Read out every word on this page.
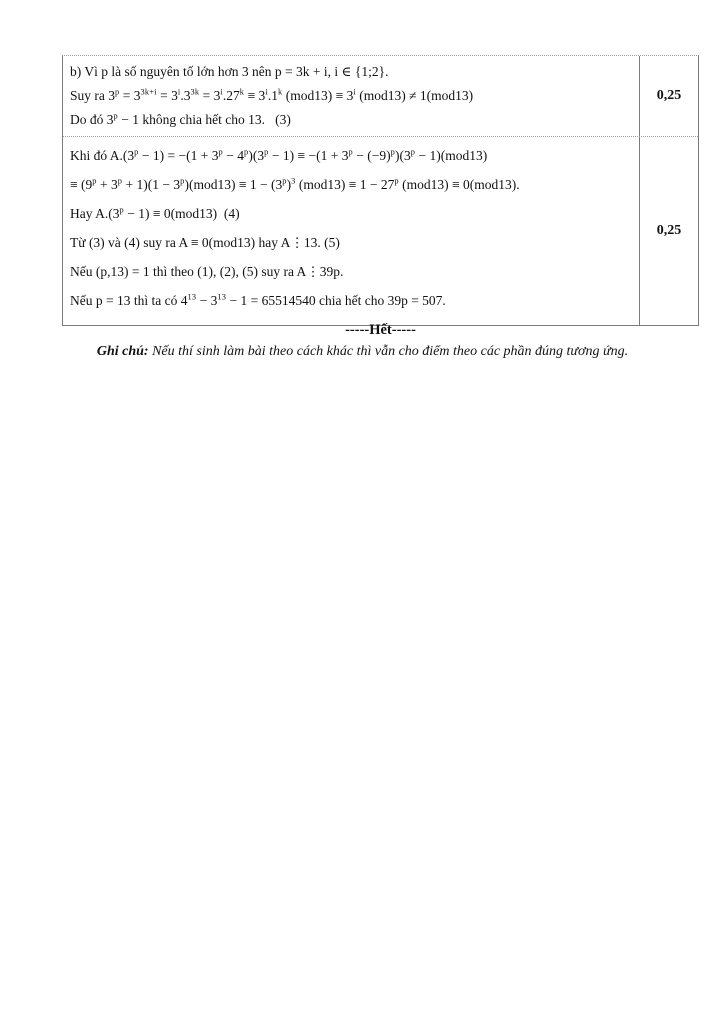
b) Vì p là số nguyên tố lớn hơn 3 nên p = 3k + i, i ∈ {1;2}.

Suy ra $3^p = 3^{3k+i} = 3^i.3^{3k} = 3^i.27^k \equiv 3^i.1^k$ $(mod13) \equiv 3^i$ (mod13) ≠ 1(mod13)

Do đó $3^p - 1$ không chia hết cho 13.   (3)

0,25

Khi đó $A.(3^p - 1) = -(1 + 3^p - 4^p)(3^p - 1) \equiv -(1 + 3^p - (-9)^p)(3^p - 1)(mod13)$

≡ $(9^p + 3^p + 1)(1 - 3^p)(mod13) \equiv 1 - (3^p)^3$ $(mod13) \equiv 1 - 27^p$ (mod13) ≡ 0(mod13).

Hay $A.(3^p - 1) \equiv 0(mod13)$  (4)

Từ (3) và (4) suy ra A ≡ 0(mod13) hay A⋮13. (5)

Nếu (p,13) = 1 thì theo (1), (2), (5) suy ra A⋮39p.

Nếu p = 13 thì ta có $4^{13} - 3^{13} - 1 = 65514540$ chia hết cho 39p = 507.

0,25
-----Hết-----
Ghi chú: Nếu thí sinh làm bài theo cách khác thì vẫn cho điểm theo các phần đúng tương ứng.
